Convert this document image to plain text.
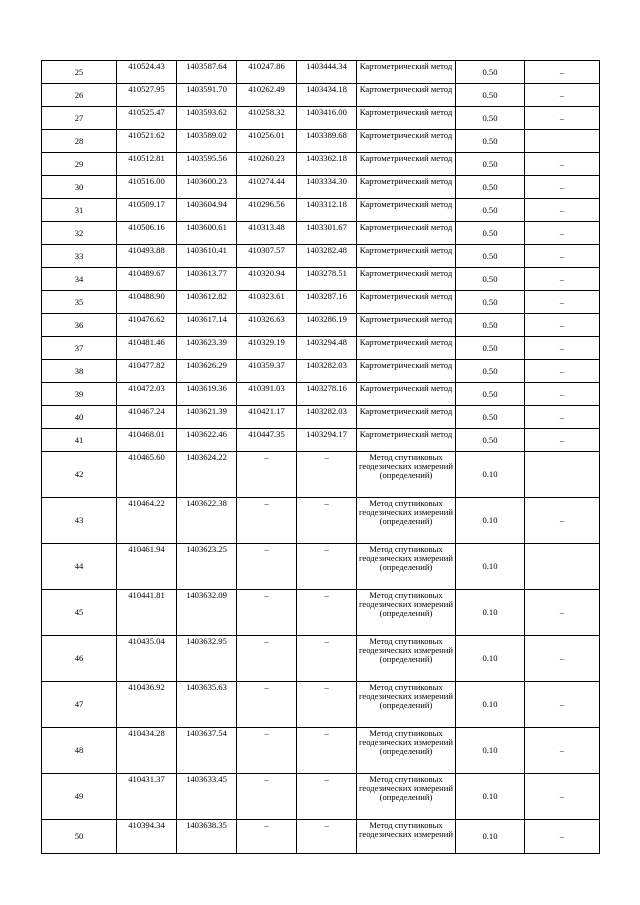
25	410524.43	1403587.64	410247.86	1403444.34	Картометрический метод	0.50	–
26	410527.95	1403591.70	410262.49	1403434.18	Картометрический метод	0.50	–
27	410525.47	1403593.62	410258.32	1403416.00	Картометрический метод	0.50	–
28	410521.62	1403589.02	410256.01	1403389.68	Картометрический метод	0.50	
29	410512.81	1403595.56	410260.23	1403362.18	Картометрический метод	0.50	–
30	410516.00	1403600.23	410274.44	1403334.30	Картометрический метод	0.50	–
31	410509.17	1403604.94	410296.56	1403312.18	Картометрический метод	0.50	–
32	410506.16	1403600.61	410313.48	1403301.67	Картометрический метод	0.50	–
33	410493.88	1403610.41	410307.57	1403282.48	Картометрический метод	0.50	–
34	410489.67	1403613.77	410320.94	1403278.51	Картометрический метод	0.50	–
35	410488.90	1403612.82	410323.61	1403287.16	Картометрический метод	0.50	–
36	410476.62	1403617.14	410326.63	1403286.19	Картометрический метод	0.50	–
37	410481.46	1403623.39	410329.19	1403294.48	Картометрический метод	0.50	–
38	410477.82	1403626.29	410359.37	1403282.03	Картометрический метод	0.50	–
39	410472.03	1403619.36	410391.03	1403278.16	Картометрический метод	0.50	–
40	410467.24	1403621.39	410421.17	1403282.03	Картометрический метод	0.50	–
41	410468.01	1403622.46	410447.35	1403294.17	Картометрический метод	0.50	–
42	410465.60	1403624.22	–	–	Метод спутниковых геодезических измерений (определений)	0.10	
43	410464.22	1403622.38	–	–	Метод спутниковых геодезических измерений (определений)	0.10	–
44	410461.94	1403623.25	–	–	Метод спутниковых геодезических измерений (определений)	0.10	
45	410441.81	1403632.09	–	–	Метод спутниковых геодезических измерений (определений)	0.10	–
46	410435.04	1403632.95	–	–	Метод спутниковых геодезических измерений (определений)	0.10	–
47	410436.92	1403635.63	–	–	Метод спутниковых геодезических измерений (определений)	0.10	–
48	410434.28	1403637.54	–	–	Метод спутниковых геодезических измерений (определений)	0.10	–
49	410431.37	1403633.45	–	–	Метод спутниковых геодезических измерений (определений)	0.10	–
50	410394.34	1403638.35	–	–	Метод спутниковых геодезических измерений	0.10	–
